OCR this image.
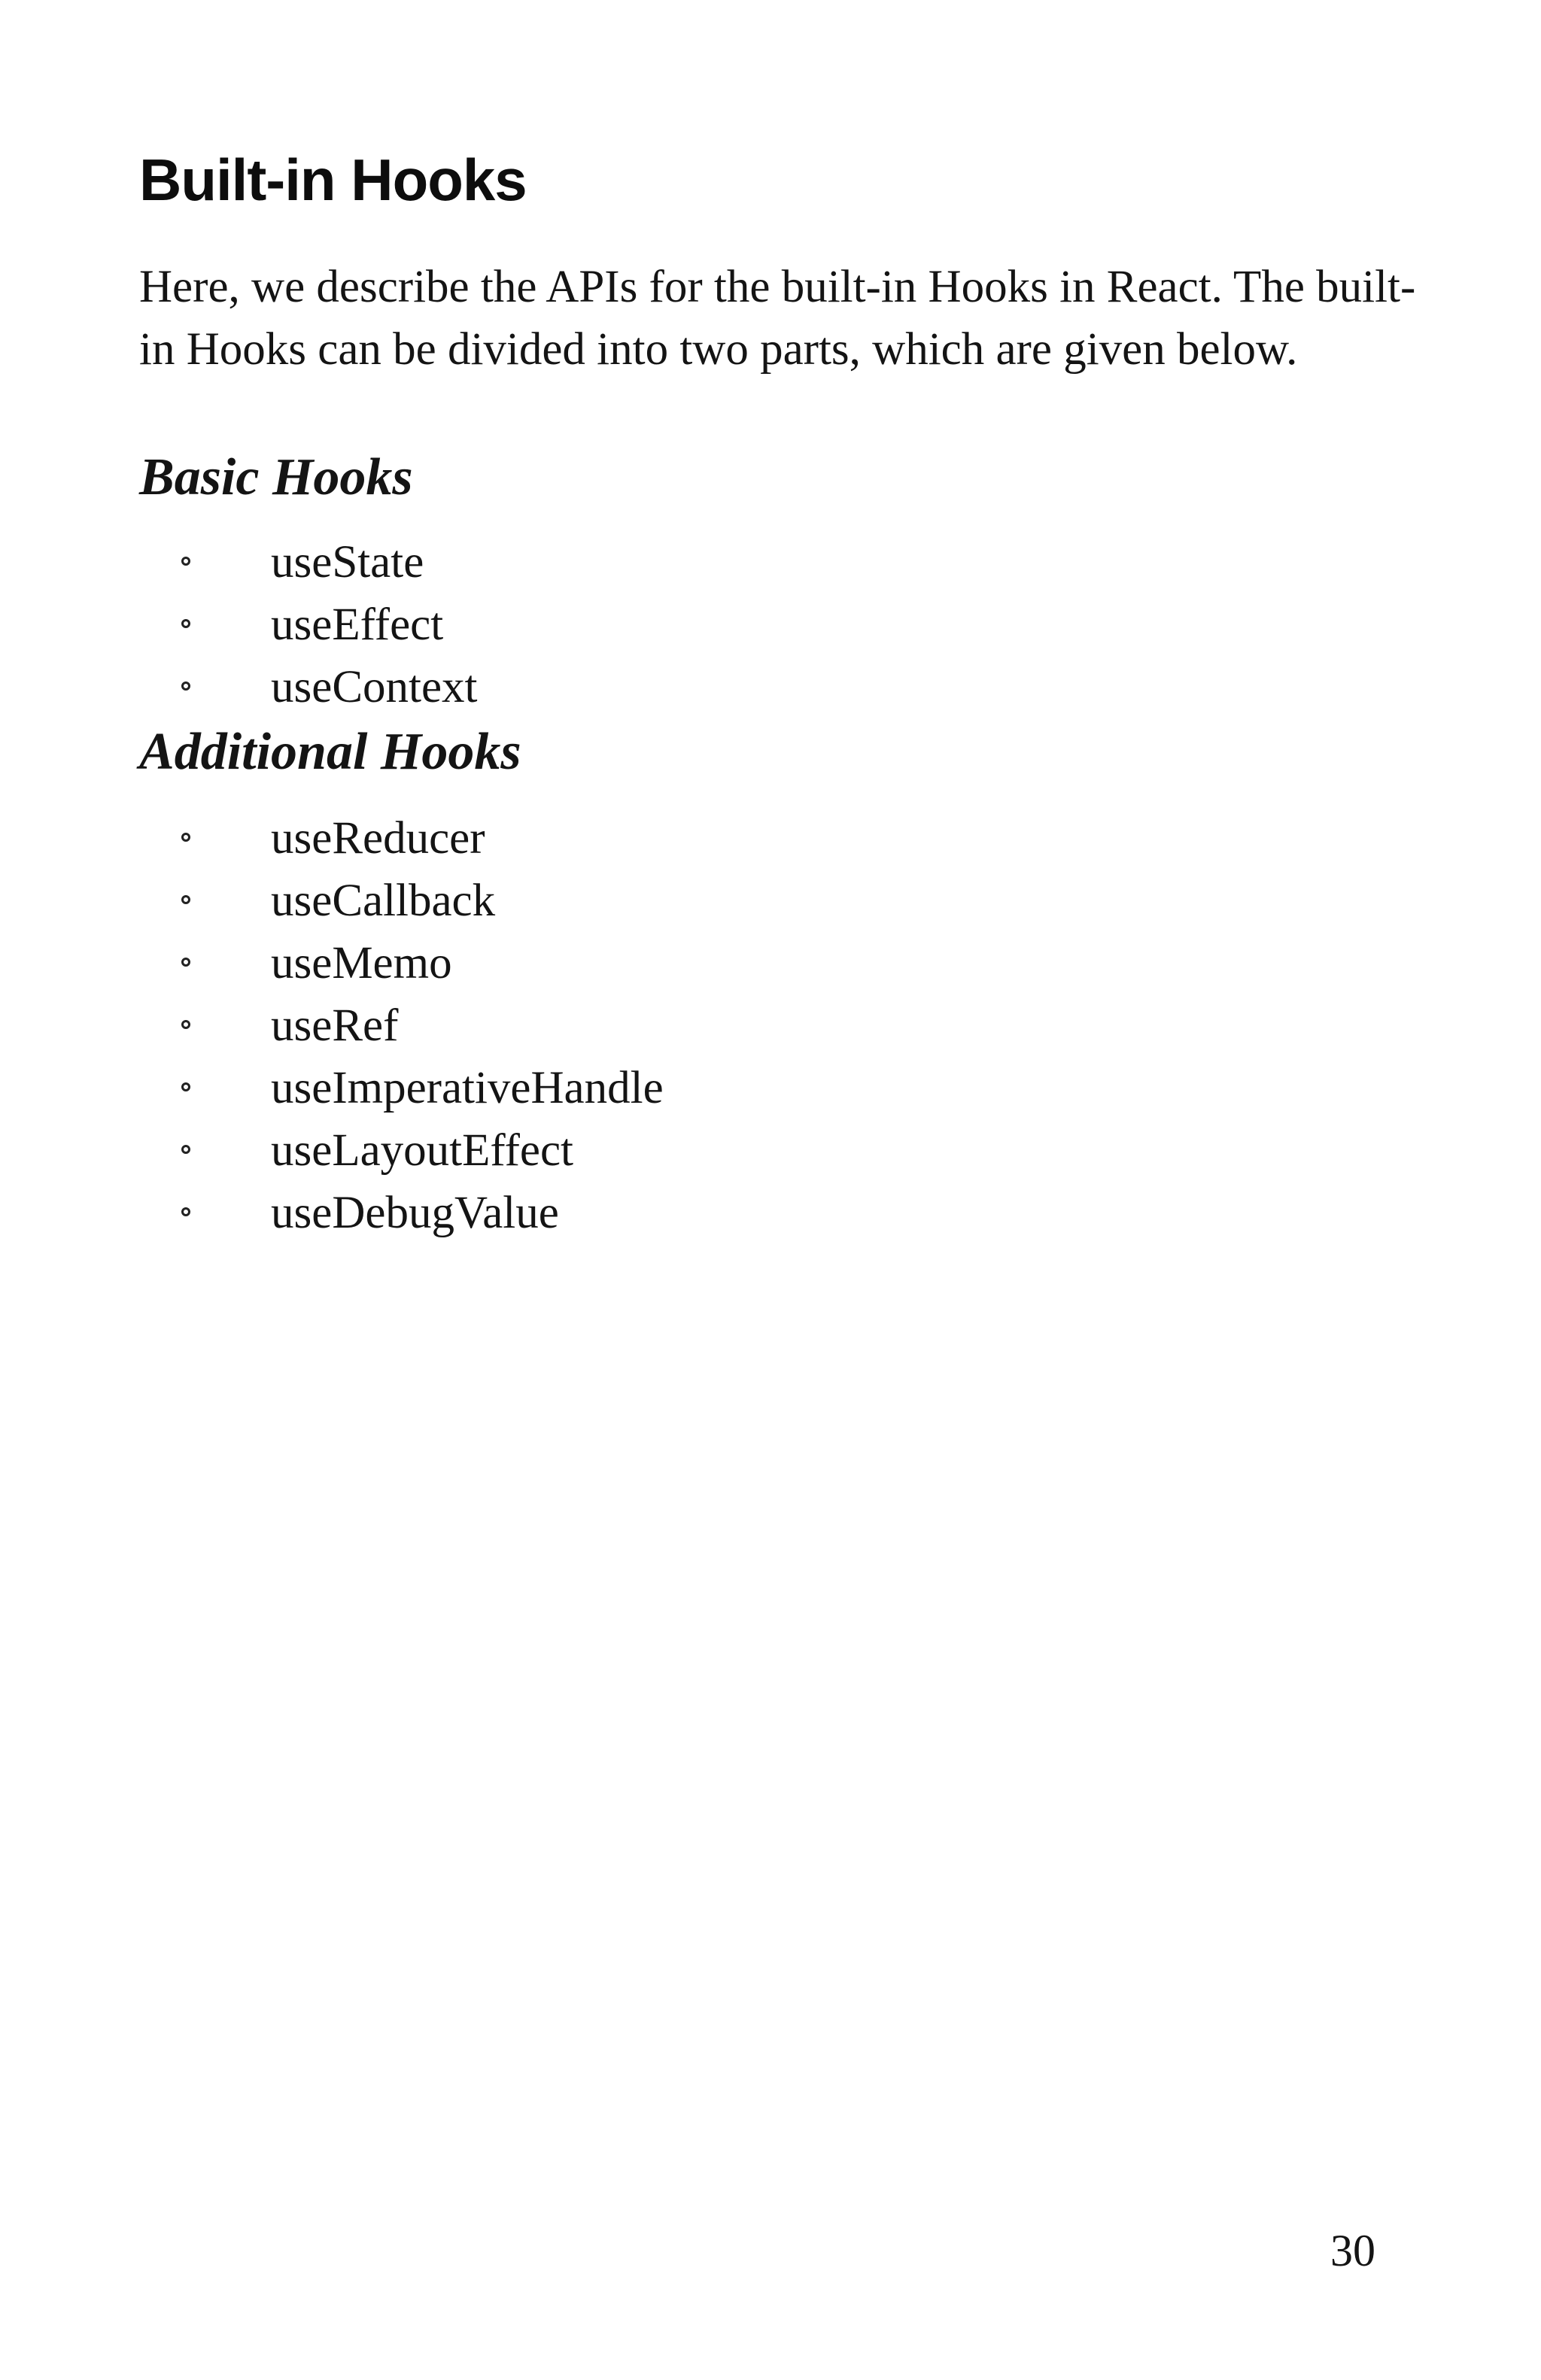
Built-in Hooks

Here, we describe the APIs for the built-in Hooks in React. The built-in Hooks can be divided into two parts, which are given below.

Basic Hooks
useState
useEffect
useContext
Additional Hooks
useReducer
useCallback
useMemo
useRef
useImperativeHandle
useLayoutEffect
useDebugValue
30
